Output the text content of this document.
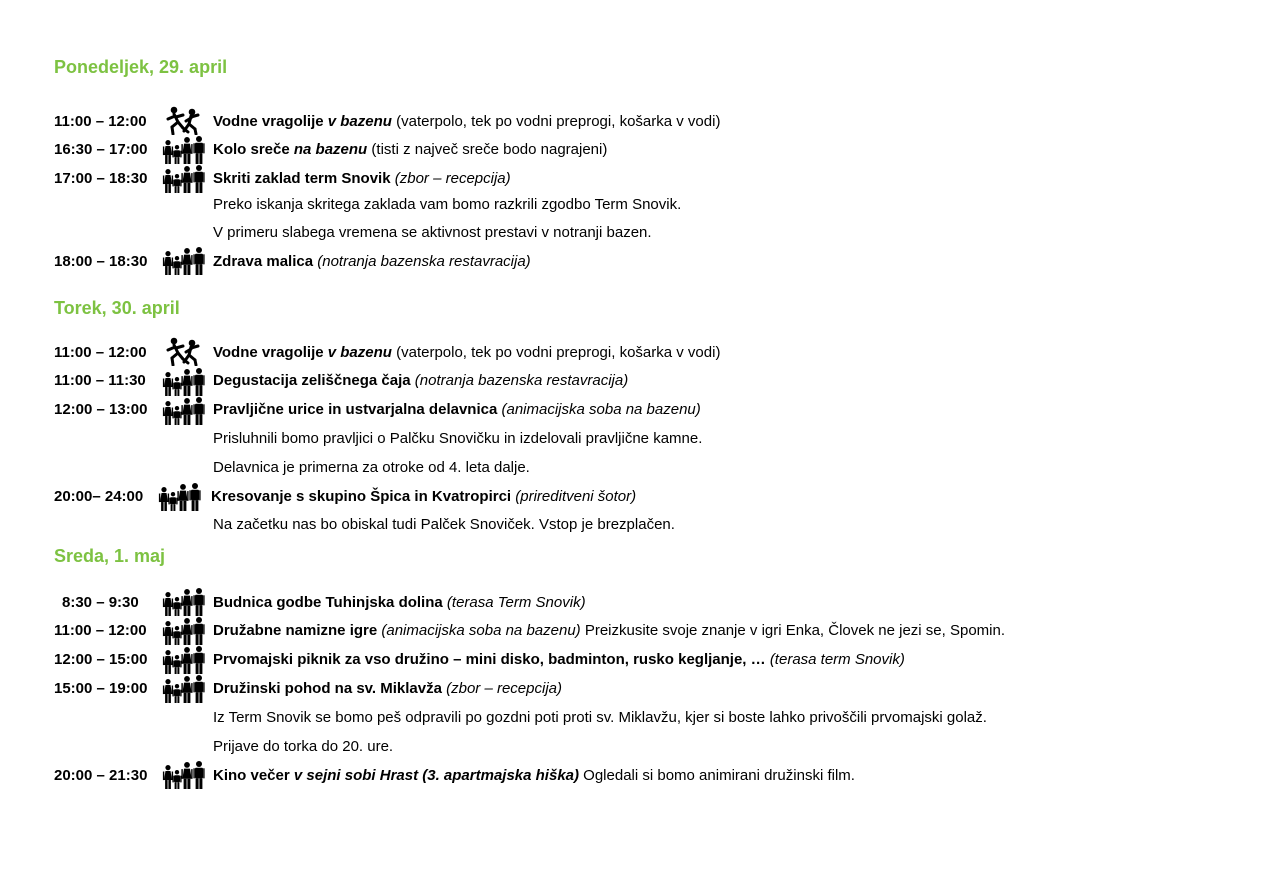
Ponedeljek, 29. april
11:00 – 12:00	Vodne vragolije v bazenu (vaterpolo, tek po vodni preprogi, košarka v vodi)
16:30 – 17:00	Kolo sreče na bazenu (tisti z največ sreče bodo nagrajeni)
17:00 – 18:30	Skriti zaklad term Snovik (zbor – recepcija)
Preko iskanja skritega zaklada vam bomo razkrili zgodbo Term Snovik.
V primeru slabega vremena se aktivnost prestavi v notranji bazen.
18:00 – 18:30	Zdrava malica (notranja bazenska restavracija)
Torek, 30. april
11:00 – 12:00	Vodne vragolije v bazenu (vaterpolo, tek po vodni preprogi, košarka v vodi)
11:00 – 11:30	Degustacija zeliščnega čaja (notranja bazenska restavracija)
12:00 – 13:00	Pravljične urice in ustvarjalna delavnica (animacijska soba na bazenu)
Prisluhnili bomo pravljici o Palčku Snovičku in izdelovali pravljične kamne.
Delavnica je primerna za otroke od 4. leta dalje.
20:00– 24:00	Kresovanje s skupino Špica in Kvatropirci (prireditveni šotor)
Na začetku nas bo obiskal tudi Palček Snoviček. Vstop je brezplačen.
Sreda, 1. maj
8:30 – 9:30	Budnica godbe Tuhinjska dolina (terasa Term Snovik)
11:00 – 12:00	Družabne namizne igre (animacijska soba na bazenu) Preizkusite svoje znanje v igri Enka, Človek ne jezi se, Spomin.
12:00 – 15:00	Prvomajski piknik za vso družino – mini disko, badminton, rusko kegljanje, … (terasa term Snovik)
15:00 – 19:00	Družinski pohod na sv. Miklavža (zbor – recepcija)
Iz Term Snovik se bomo peš odpravili po gozdni poti proti sv. Miklavžu, kjer si boste lahko privoščili prvomajski golaž.
Prijave do torka do 20. ure.
20:00 – 21:30	Kino večer v sejni sobi Hrast (3. apartmajska hiška) Ogledali si bomo animirani družinski film.
